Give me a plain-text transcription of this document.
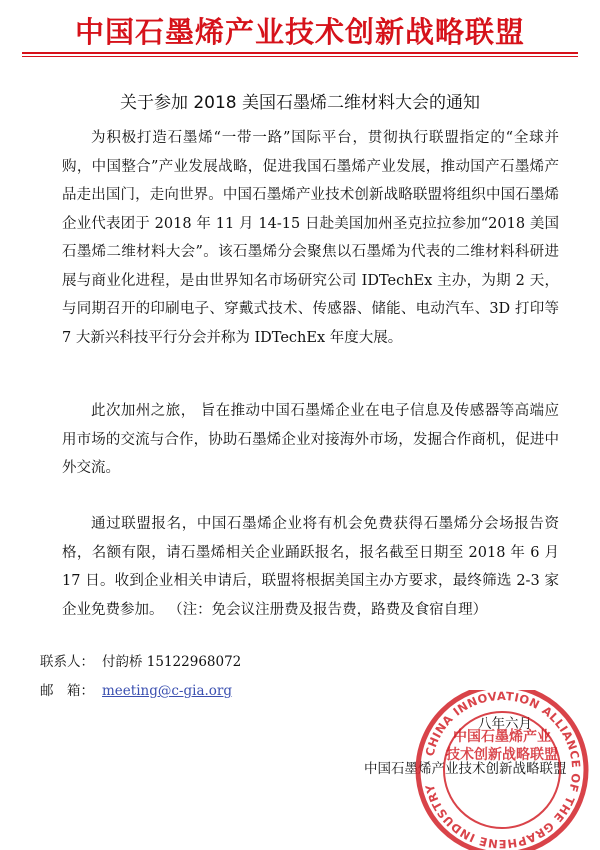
中国石墨烯产业技术创新战略联盟
关于参加 2018 美国石墨烯二维材料大会的通知

为积极打造石墨烯“一带一路”国际平台，贯彻执行联盟指定的“全球并购，中国整合”产业发展战略，促进我国石墨烯产业发展，推动国产石墨烯产品走出国门，走向世界。中国石墨烯产业技术创新战略联盟将组织中国石墨烯企业代表团于 2018 年 11 月 14-15 日赴美国加州圣克拉拉参加“2018 美国石墨烯二维材料大会”。该石墨烯分会聚焦以石墨烯为代表的二维材料科研进展与商业化进程，是由世界知名市场研究公司 IDTechEx 主办，为期 2 天，与同期召开的印刷电子、穿戴式技术、传感器、储能、电动汽车、3D 打印等 7 大新兴科技平行分会并称为 IDTechEx 年度大展。

此次加州之旅， 旨在推动中国石墨烯企业在电子信息及传感器等高端应用市场的交流与合作，协助石墨烯企业对接海外市场，发掘合作商机，促进中外交流。

通过联盟报名，中国石墨烯企业将有机会免费获得石墨烯分会场报告资格，名额有限，请石墨烯相关企业踊跃报名，报名截至日期至 2018 年 6 月 17 日。收到企业相关申请后，联盟将根据美国主办方要求，最终筛选 2-3 家企业免费参加。 （注：免会议注册费及报告费，路费及食宿自理）

联系人： 付韵桥 15122968072
邮　箱： meeting@c-gia.org
八年六月
中国石墨烯产业技术创新战略联盟
CHINA INNOVATION ALLIANCE OF THE GRAPHENE INDUSTRY
中国石墨烯产业
技术创新战略联盟
